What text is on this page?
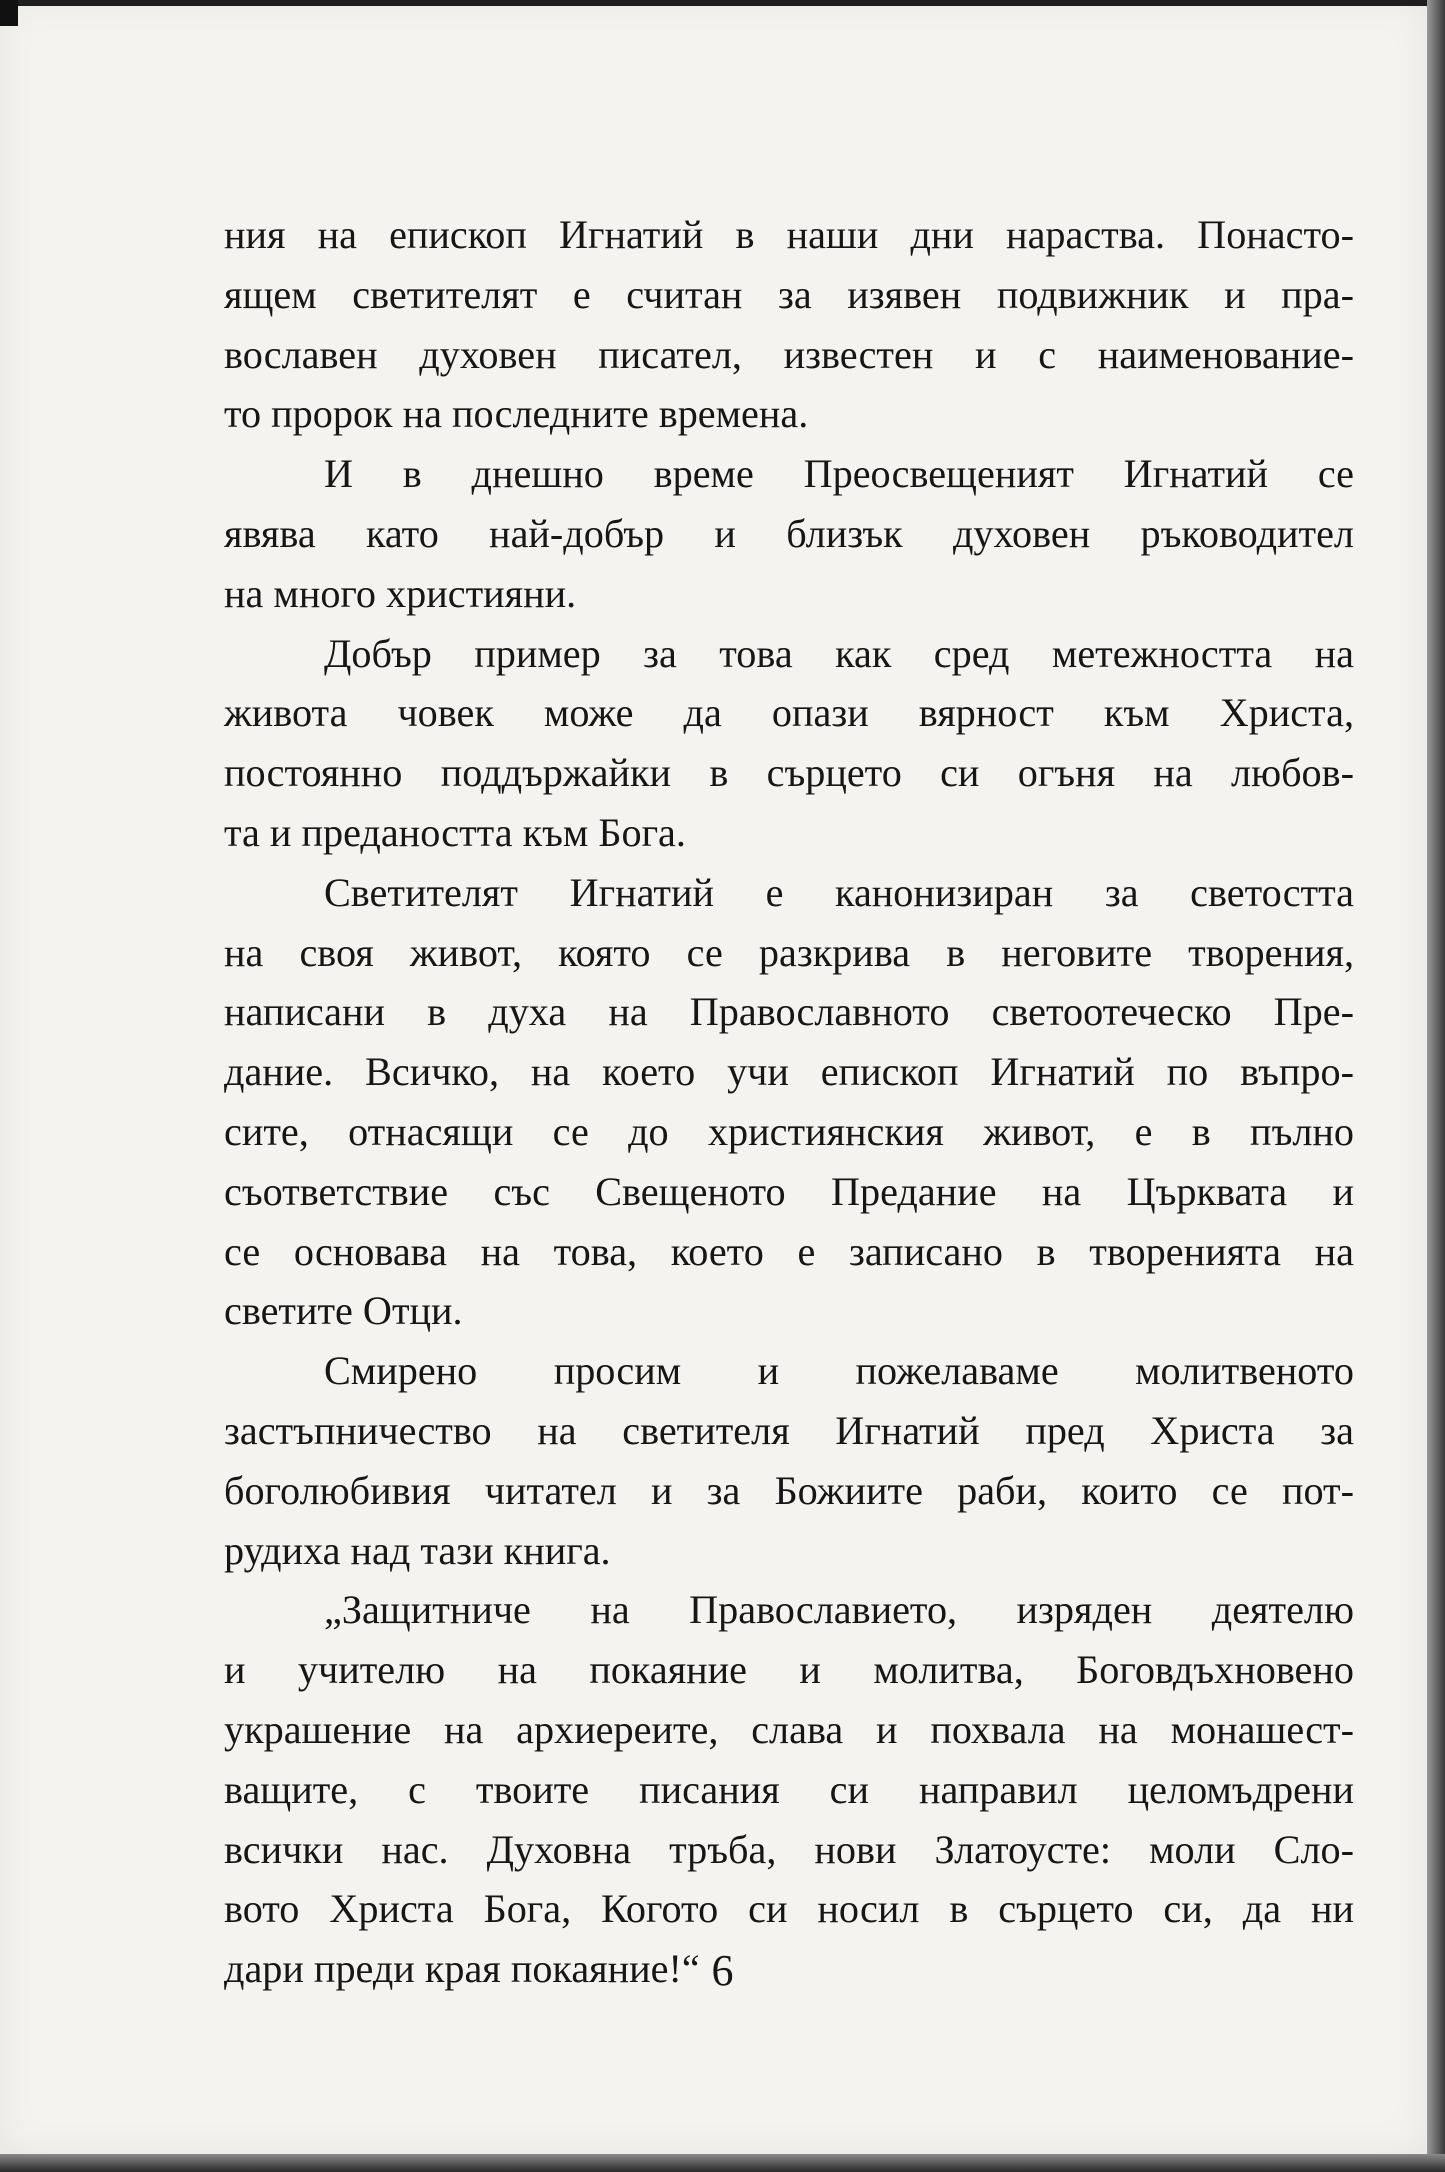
ния на епископ Игнатий в наши дни нараства. Понасто-
ящем светителят е считан за изявен подвижник и пра-
вославен духовен писател, известен и с наименование-
то пророк на последните времена.
И в днешно време Преосвещеният Игнатий се
явява като най-добър и близък духовен ръководител
на много християни.
Добър пример за това как сред метежността на
живота човек може да опази вярност към Христа,
постоянно поддържайки в сърцето си огъня на любов-
та и предаността към Бога.
Светителят Игнатий е канонизиран за светостта
на своя живот, която се разкрива в неговите творения,
написани в духа на Православното светоотеческо Пре-
дание. Всичко, на което учи епископ Игнатий по въпро-
сите, отнасящи се до християнския живот, е в пълно
съответствие със Свещеното Предание на Църквата и
се основава на това, което е записано в творенията на
светите Отци.
Смирено просим и пожелаваме молитвеното
застъпничество на светителя Игнатий пред Христа за
боголюбивия читател и за Божиите раби, които се пот-
рудиха над тази книга.
„Защитниче на Православието, изряден деятелю
и учителю на покаяние и молитва, Боговдъхновено
украшение на архиереите, слава и похвала на монашест-
ващите, с твоите писания си направил целомъдрени
всички нас. Духовна тръба, нови Златоусте: моли Сло-
вото Христа Бога, Когото си носил в сърцето си, да ни
дари преди края покаяние!“ 6
